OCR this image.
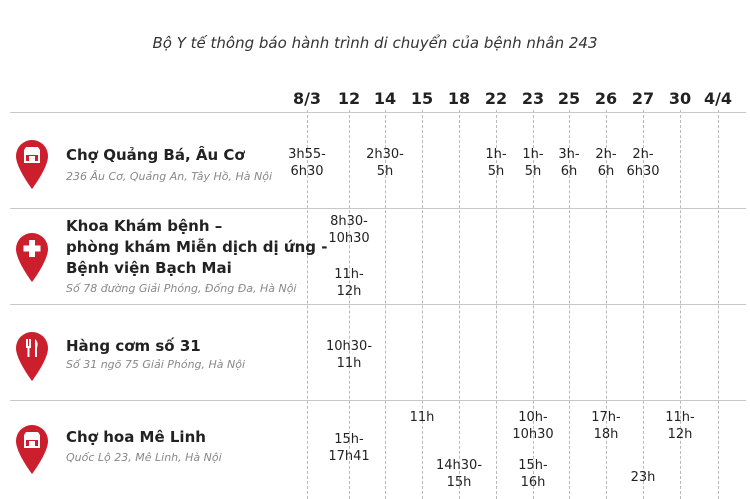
Bộ Y tế thông báo hành trình di chuyển của bệnh nhân 243
8/3 12 14 15 18 22 23 25 26 27 30 4/4
Chợ Quảng Bá, Âu Cơ
236 Âu Cơ, Quảng An, Tây Hồ, Hà Nội
3h55-
6h30
2h30-
5h
1h-
5h
1h-
5h
3h-
6h
2h-
6h
2h-
6h30
Khoa Khám bệnh –
phòng khám Miễn dịch dị ứng -
Bệnh viện Bạch Mai
Số 78 đường Giải Phóng, Đống Đa, Hà Nội
8h30-
10h30
11h-
12h
Hàng cơm số 31
Số 31 ngõ 75 Giải Phóng, Hà Nội
10h30-
11h
Chợ hoa Mê Linh
Quốc Lộ 23, Mê Linh, Hà Nội
11h	10h-
10h30
17h-
18h
11h-
12h
15h-
17h41
14h30-
15h
15h-
16h	23h
